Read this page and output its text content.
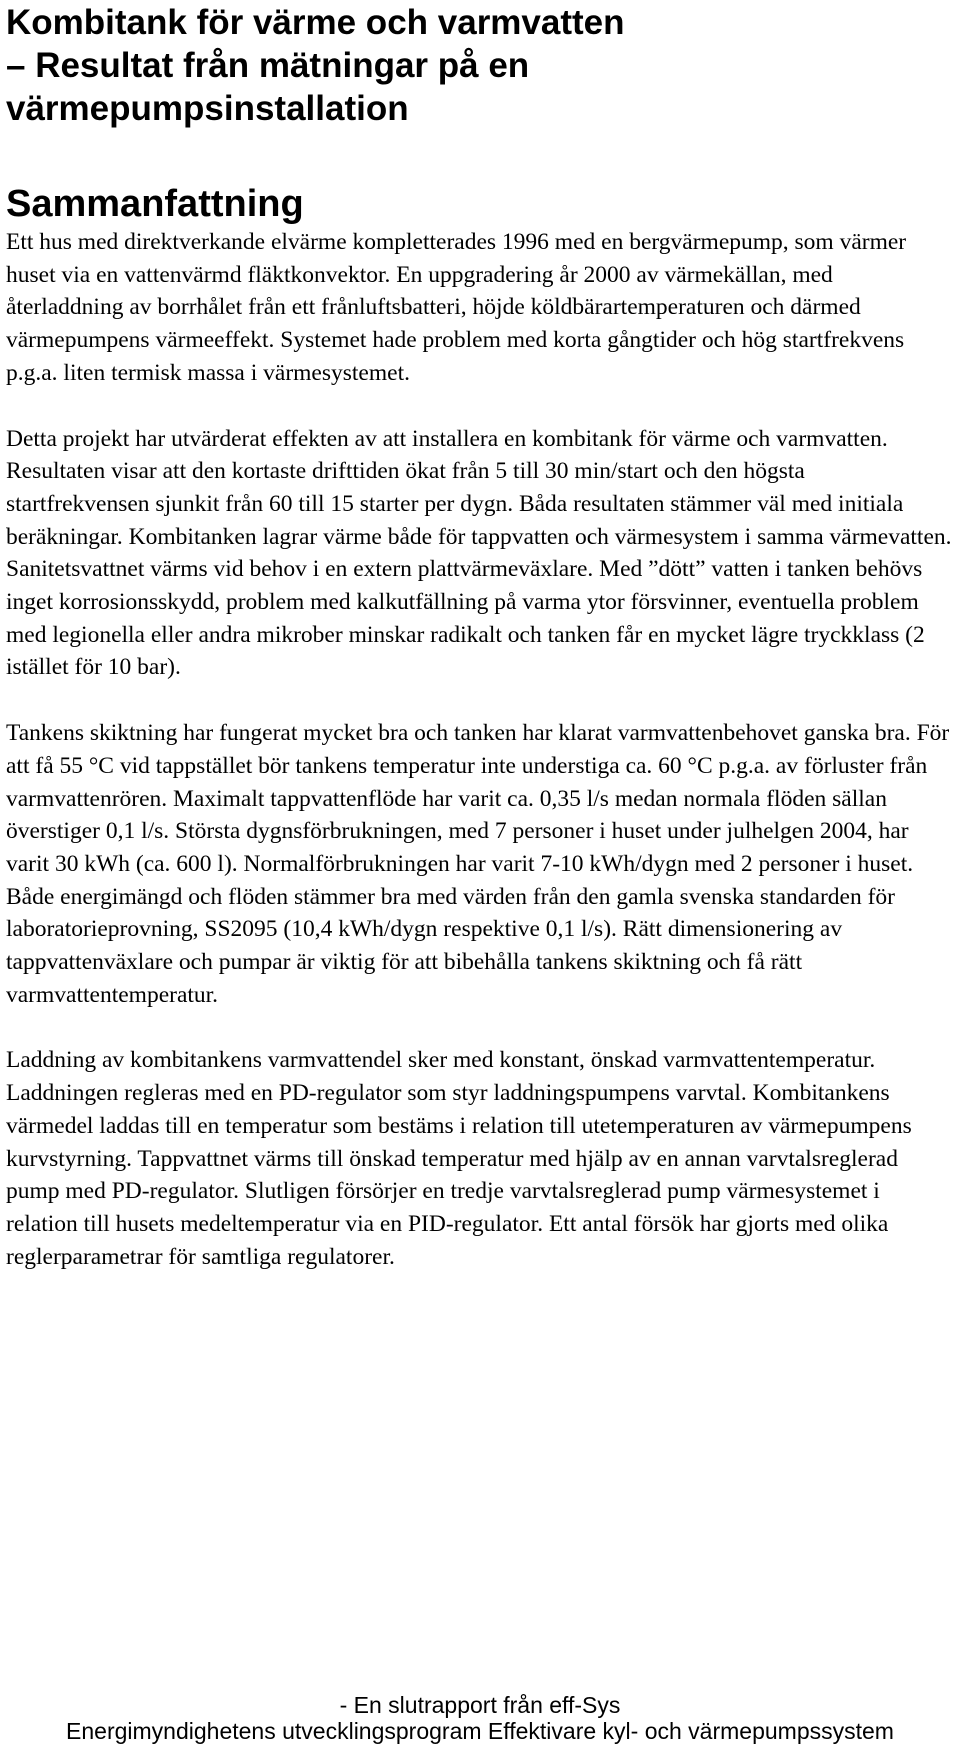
Kombitank för värme och varmvatten
– Resultat från mätningar på en
värmepumpsinstallation
Sammanfattning

Ett hus med direktverkande elvärme kompletterades 1996 med en bergvärmepump, som värmer huset via en vattenvärmd fläktkonvektor. En uppgradering år 2000 av värmekällan, med återladdning av borrhålet från ett frånluftsbatteri, höjde köldbärartemperaturen och därmed värmepumpens värmeeffekt. Systemet hade problem med korta gångtider och hög startfrekvens p.g.a. liten termisk massa i värmesystemet.

Detta projekt har utvärderat effekten av att installera en kombitank för värme och varmvatten. Resultaten visar att den kortaste drifttiden ökat från 5 till 30 min/start och den högsta startfrekvensen sjunkit från 60 till 15 starter per dygn. Båda resultaten stämmer väl med initiala beräkningar. Kombitanken lagrar värme både för tappvatten och värmesystem i samma värmevatten. Sanitetsvattnet värms vid behov i en extern plattvärmeväxlare. Med ”dött” vatten i tanken behövs inget korrosionsskydd, problem med kalkutfällning på varma ytor försvinner, eventuella problem med legionella eller andra mikrober minskar radikalt och tanken får en mycket lägre tryckklass (2 istället för 10 bar).

Tankens skiktning har fungerat mycket bra och tanken har klarat varmvattenbehovet ganska bra. För att få 55 °C vid tappstället bör tankens temperatur inte understiga ca. 60 °C p.g.a. av förluster från varmvattenrören. Maximalt tappvattenflöde har varit ca. 0,35 l/s medan normala flöden sällan överstiger 0,1 l/s. Största dygnsförbrukningen, med 7 personer i huset under julhelgen 2004, har varit 30 kWh (ca. 600 l). Normalförbrukningen har varit 7-10 kWh/dygn med 2 personer i huset. Både energimängd och flöden stämmer bra med värden från den gamla svenska standarden för laboratorieprovning, SS2095 (10,4 kWh/dygn respektive 0,1 l/s). Rätt dimensionering av tappvattenväxlare och pumpar är viktig för att bibehålla tankens skiktning och få rätt varmvattentemperatur.

Laddning av kombitankens varmvattendel sker med konstant, önskad varmvattentemperatur. Laddningen regleras med en PD-regulator som styr laddningspumpens varvtal. Kombitankens värmedel laddas till en temperatur som bestäms i relation till utetemperaturen av värmepumpens kurvstyrning. Tappvattnet värms till önskad temperatur med hjälp av en annan varvtalsreglerad pump med PD-regulator. Slutligen försörjer en tredje varvtalsreglerad pump värmesystemet i relation till husets medeltemperatur via en PID-regulator. Ett antal försök har gjorts med olika reglerparametrar för samtliga regulatorer.

- En slutrapport från eff-Sys
Energimyndighetens utvecklingsprogram Effektivare kyl- och värmepumpssystem
